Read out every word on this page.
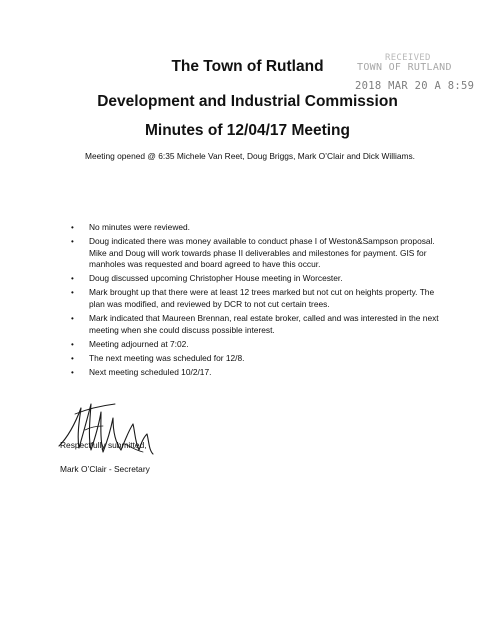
The Town of Rutland
Development and Industrial Commission
Minutes of 12/04/17 Meeting
RECEIVED
TOWN OF RUTLAND
2018 MAR 20 A 8:59
Meeting opened @ 6:35 Michele Van Reet, Doug Briggs, Mark O’Clair and Dick Williams.
• No minutes were reviewed.
• Doug indicated there was money available to conduct phase I of Weston&Sampson proposal. Mike and Doug will work towards phase II deliverables and milestones for payment. GIS for manholes was requested and board agreed to have this occur.
• Doug discussed upcoming Christopher House meeting in Worcester.
• Mark brought up that there were at least 12 trees marked but not cut on heights property. The plan was modified, and reviewed by DCR to not cut certain trees.
• Mark indicated that Maureen Brennan, real estate broker, called and was interested in the next meeting when she could discuss possible interest.
• Meeting adjourned at 7:02.
• The next meeting was scheduled for 12/8.
• Next meeting scheduled 10/2/17.
Respectfully submitted,
Mark O’Clair - Secretary
